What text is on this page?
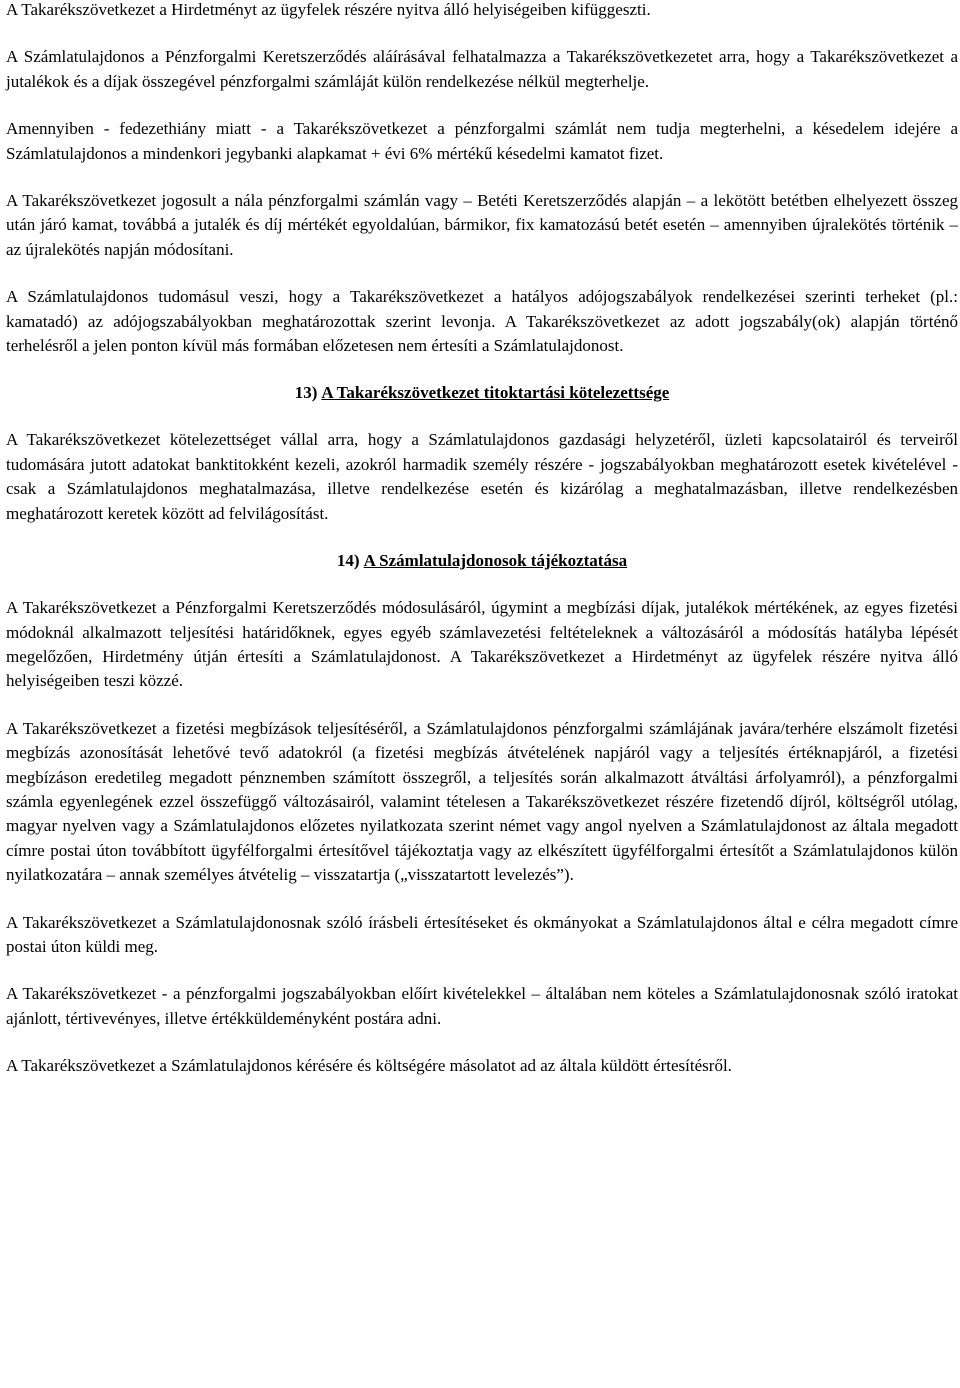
A Takarékszövetkezet a Hirdetményt az ügyfelek részére nyitva álló helyiségeiben kifüggeszti.

A Számlatulajdonos a Pénzforgalmi Keretszerződés aláírásával felhatalmazza a Takarékszövetkezetet arra, hogy a Takarékszövetkezet a jutalékok és a díjak összegével pénzforgalmi számláját külön rendelkezése nélkül megterhelje.

Amennyiben - fedezethiány miatt - a Takarékszövetkezet a pénzforgalmi számlát nem tudja megterhelni, a késedelem idejére a Számlatulajdonos a mindenkori jegybanki alapkamat + évi 6% mértékű késedelmi kamatot fizet.

A Takarékszövetkezet jogosult a nála pénzforgalmi számlán vagy – Betéti Keretszerződés alapján – a lekötött betétben elhelyezett összeg után járó kamat, továbbá a jutalék és díj mértékét egyoldalúan, bármikor, fix kamatozású betét esetén – amennyiben újralekötés történik – az újralekötés napján módosítani.

A Számlatulajdonos tudomásul veszi, hogy a Takarékszövetkezet a hatályos adójogszabályok rendelkezései szerinti terheket (pl.: kamatadó) az adójogszabályokban meghatározottak szerint levonja. A Takarékszövetkezet az adott jogszabály(ok) alapján történő terhelésről a jelen ponton kívül más formában előzetesen nem értesíti a Számlatulajdonost.

13) A Takarékszövetkezet titoktartási kötelezettsége

A Takarékszövetkezet kötelezettséget vállal arra, hogy a Számlatulajdonos gazdasági helyzetéről, üzleti kapcsolatairól és terveiről tudomására jutott adatokat banktitokként kezeli, azokról harmadik személy részére - jogszabályokban meghatározott esetek kivételével - csak a Számlatulajdonos meghatalmazása, illetve rendelkezése esetén és kizárólag a meghatalmazásban, illetve rendelkezésben meghatározott keretek között ad felvilágosítást.

14) A Számlatulajdonosok tájékoztatása

A Takarékszövetkezet a Pénzforgalmi Keretszerződés módosulásáról, úgymint a megbízási díjak, jutalékok mértékének, az egyes fizetési módoknál alkalmazott teljesítési határidőknek, egyes egyéb számlavezetési feltételeknek a változásáról a módosítás hatályba lépését megelőzően, Hirdetmény útján értesíti a Számlatulajdonost. A Takarékszövetkezet a Hirdetményt az ügyfelek részére nyitva álló helyiségeiben teszi közzé.

A Takarékszövetkezet a fizetési megbízások teljesítéséről, a Számlatulajdonos pénzforgalmi számlájának javára/terhére elszámolt fizetési megbízás azonosítását lehetővé tevő adatokról (a fizetési megbízás átvételének napjáról vagy a teljesítés értéknapjáról, a fizetési megbízáson eredetileg megadott pénznemben számított összegről, a teljesítés során alkalmazott átváltási árfolyamról), a pénzforgalmi számla egyenlegének ezzel összefüggő változásairól, valamint tételesen a Takarékszövetkezet részére fizetendő díjról, költségről utólag, magyar nyelven vagy a Számlatulajdonos előzetes nyilatkozata szerint német vagy angol nyelven a Számlatulajdonost az általa megadott címre postai úton továbbított ügyfélforgalmi értesítővel tájékoztatja vagy az elkészített ügyfélforgalmi értesítőt a Számlatulajdonos külön nyilatkozatára – annak személyes átvételig – visszatartja („visszatartott levelezés”).

A Takarékszövetkezet a Számlatulajdonosnak szóló írásbeli értesítéseket és okmányokat a Számlatulajdonos által e célra megadott címre postai úton küldi meg.

A Takarékszövetkezet - a pénzforgalmi jogszabályokban előírt kivételekkel – általában nem köteles a Számlatulajdonosnak szóló iratokat ajánlott, tértivevényes, illetve értékküldeményként postára adni.

A Takarékszövetkezet a Számlatulajdonos kérésére és költségére másolatot ad az általa küldött értesítésről.
